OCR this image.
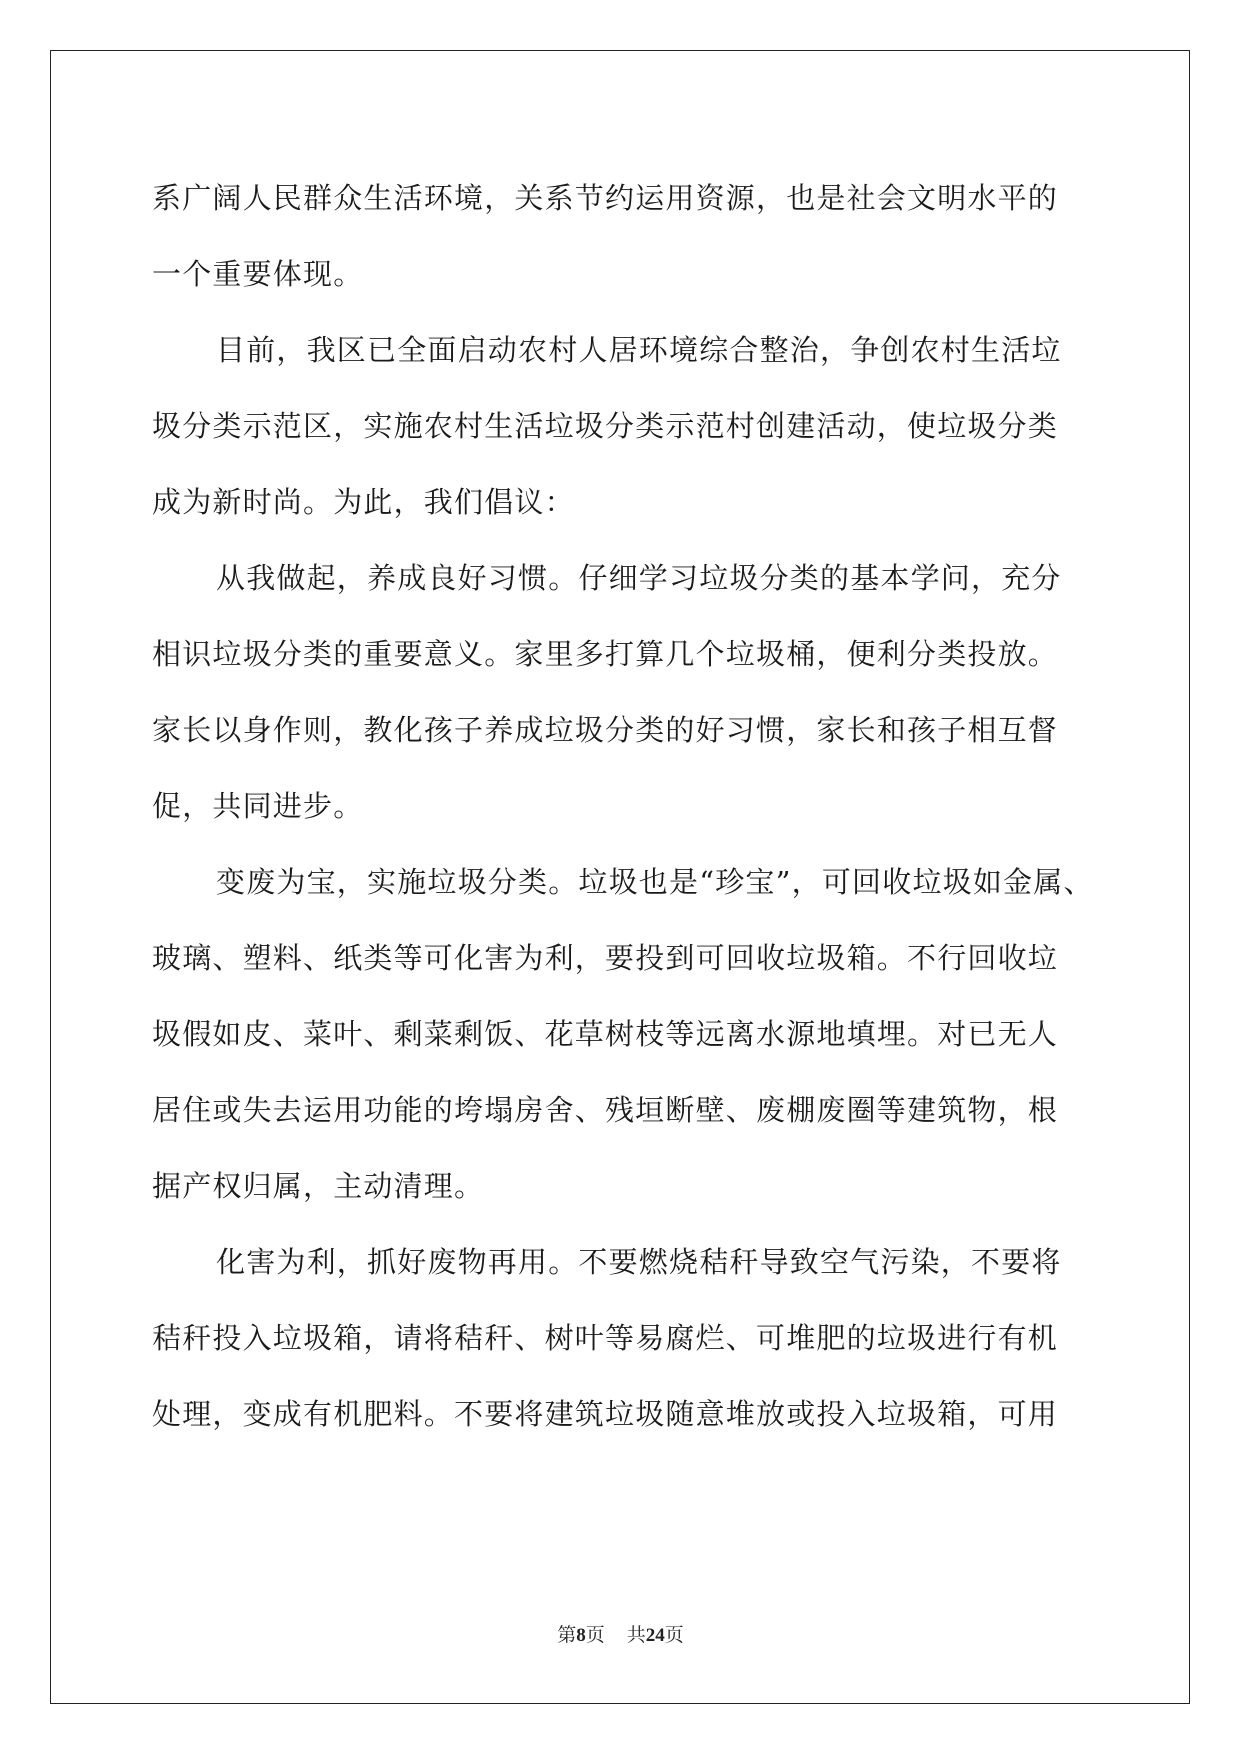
系广阔人民群众生活环境，关系节约运用资源，也是社会文明水平的
一个重要体现。
目前，我区已全面启动农村人居环境综合整治，争创农村生活垃
圾分类示范区，实施农村生活垃圾分类示范村创建活动，使垃圾分类
成为新时尚。为此，我们倡议：
从我做起，养成良好习惯。仔细学习垃圾分类的基本学问，充分
相识垃圾分类的重要意义。家里多打算几个垃圾桶，便利分类投放。
家长以身作则，教化孩子养成垃圾分类的好习惯，家长和孩子相互督
促，共同进步。
变废为宝，实施垃圾分类。垃圾也是“珍宝”，可回收垃圾如金属、
玻璃、塑料、纸类等可化害为利，要投到可回收垃圾箱。不行回收垃
圾假如皮、菜叶、剩菜剩饭、花草树枝等远离水源地填埋。对已无人
居住或失去运用功能的垮塌房舍、残垣断壁、废棚废圈等建筑物，根
据产权归属，主动清理。
化害为利，抓好废物再用。不要燃烧秸秆导致空气污染，不要将
秸秆投入垃圾箱，请将秸秆、树叶等易腐烂、可堆肥的垃圾进行有机
处理，变成有机肥料。不要将建筑垃圾随意堆放或投入垃圾箱，可用
第8页 共24页
